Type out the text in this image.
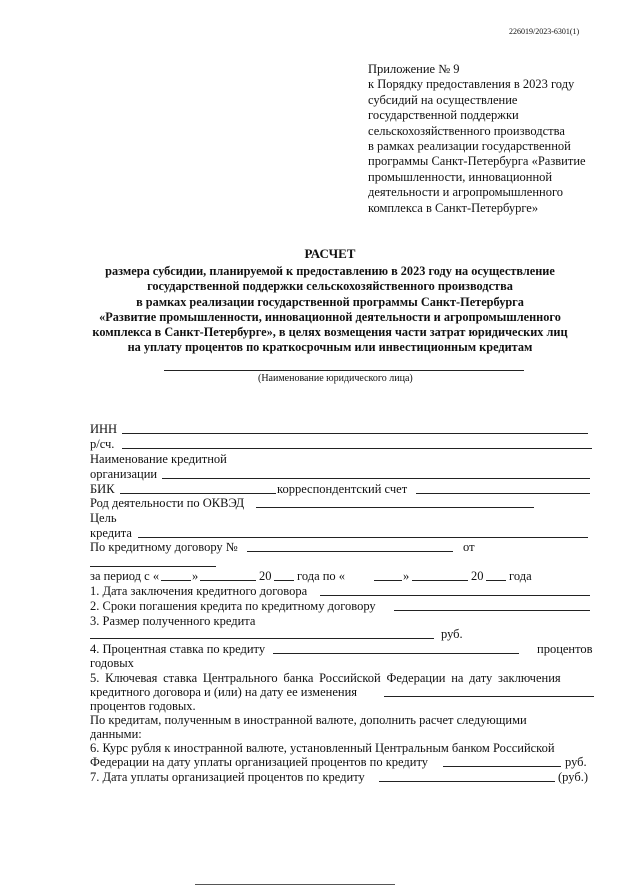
226019/2023-6301(1)
Приложение № 9
к Порядку предоставления в 2023 году
субсидий на осуществление
государственной поддержки
сельскохозяйственного производства
в рамках реализации государственной
программы Санкт-Петербурга «Развитие
промышленности, инновационной
деятельности и агропромышленного
комплекса в Санкт-Петербурге»
РАСЧЕТ
размера субсидии, планируемой к предоставлению в 2023 году на осуществление
государственной поддержки сельскохозяйственного производства
в рамках реализации государственной программы Санкт-Петербурга
«Развитие промышленности, инновационной деятельности и агропромышленного
комплекса в Санкт-Петербурге», в целях возмещения части затрат юридических лиц
на уплату процентов по краткосрочным или инвестиционным кредитам
(Наименование юридического лица)
ИНН
р/сч.
Наименование кредитной
организации
БИК	корреспондентский счет
Род деятельности по ОКВЭД
Цель
кредита
По кредитному договору №	от
за период с «	»	20 года по «	»	20 года
1. Дата заключения кредитного договора
2. Сроки погашения кредита по кредитному договору
3. Размер полученного кредита
руб.
4. Процентная ставка по кредиту	процентов
годовых
5. Ключевая ставка Центрального банка Российской Федерации на дату заключения
кредитного договора и (или) на дату ее изменения
процентов годовых.
По кредитам, полученным в иностранной валюте, дополнить расчет следующими
данными:
6. Курс рубля к иностранной валюте, установленный Центральным банком Российской
Федерации на дату уплаты организацией процентов по кредиту	руб.
7. Дата уплаты организацией процентов по кредиту	(руб.)
